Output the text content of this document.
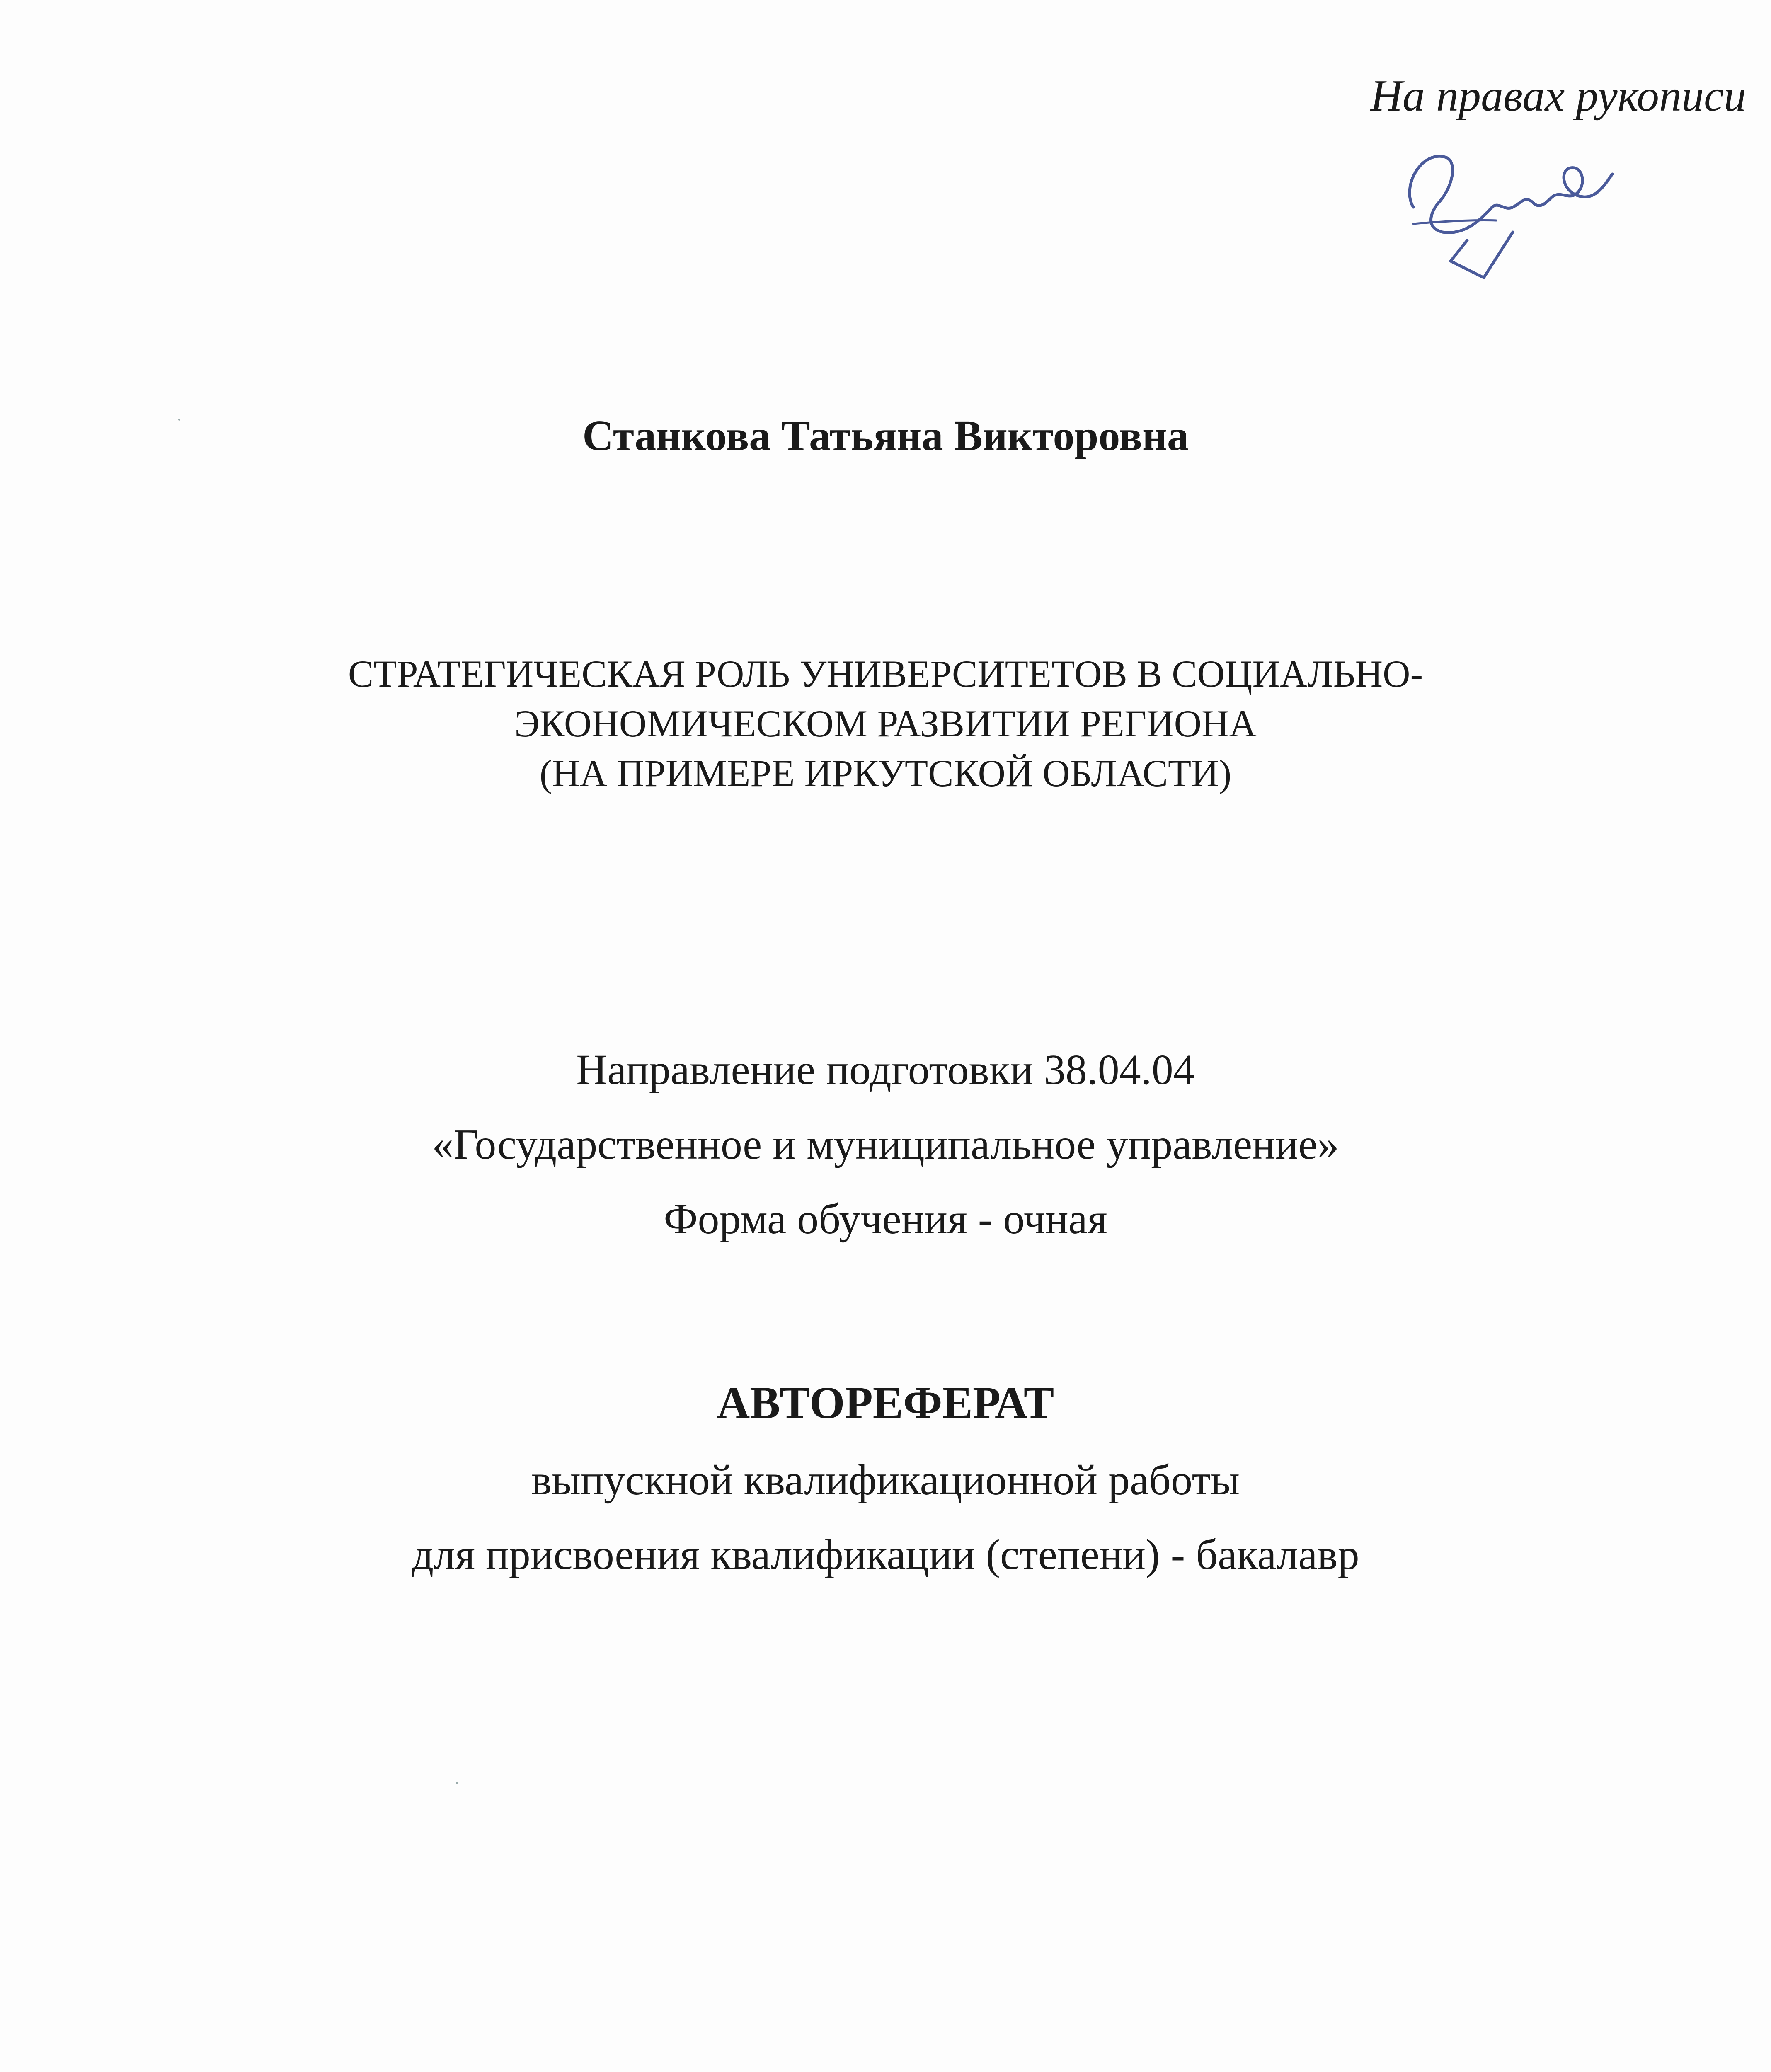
На правах рукописи
Станкова Татьяна Викторовна
СТРАТЕГИЧЕСКАЯ РОЛЬ УНИВЕРСИТЕТОВ В СОЦИАЛЬНО-
ЭКОНОМИЧЕСКОМ РАЗВИТИИ РЕГИОНА
(НА ПРИМЕРЕ ИРКУТСКОЙ ОБЛАСТИ)
Направление подготовки 38.04.04
«Государственное и муниципальное управление»
Форма обучения - очная
АВТОРЕФЕРАТ
выпускной квалификационной работы
для присвоения квалификации (степени) - бакалавр
